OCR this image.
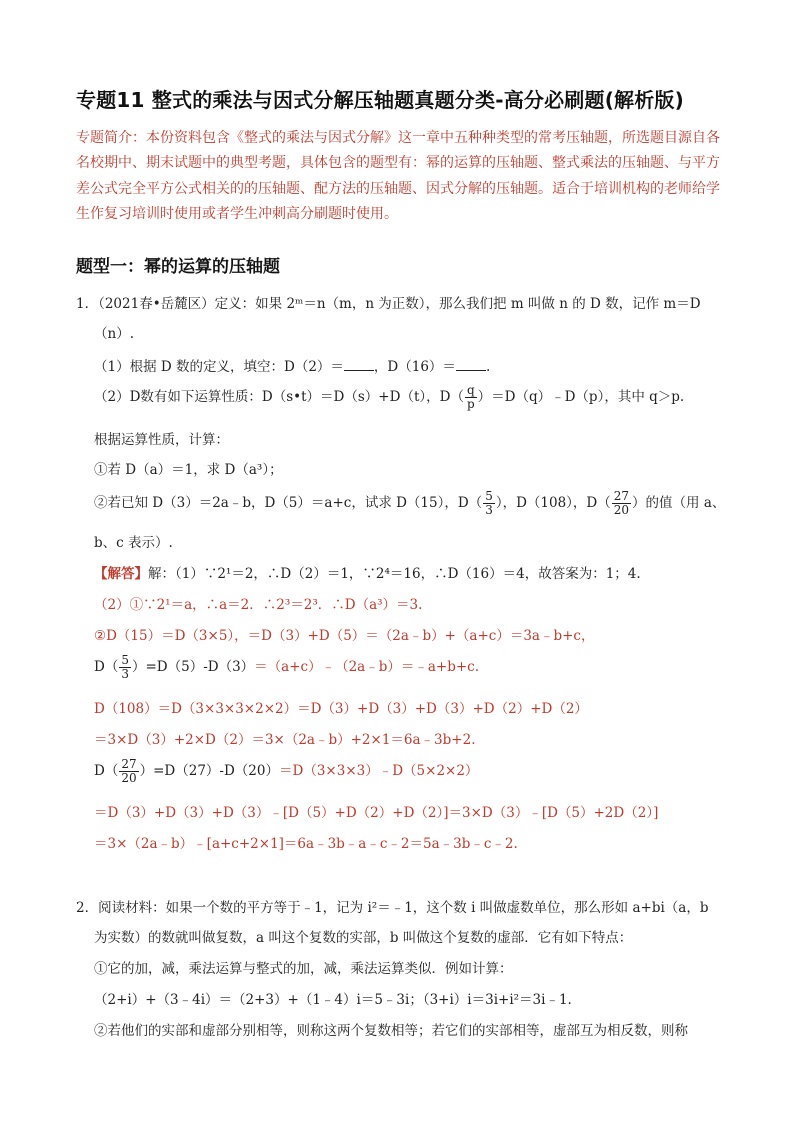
专题11 整式的乘法与因式分解压轴题真题分类-高分必刷题(解析版)
专题简介：本份资料包含《整式的乘法与因式分解》这一章中五种种类型的常考压轴题，所选题目源自各
名校期中、期末试题中的典型考题，具体包含的题型有：幂的运算的压轴题、整式乘法的压轴题、与平方
差公式完全平方公式相关的的压轴题、配方法的压轴题、因式分解的压轴题。适合于培训机构的老师给学
生作复习培训时使用或者学生冲刺高分刷题时使用。
题型一：幂的运算的压轴题
1．（2021春•岳麓区）定义：如果 2ᵐ＝n（m，n 为正数），那么我们把 m 叫做 n 的 D 数，记作 m＝D
（n）.
（1）根据 D 数的定义，填空：D（2）＝ ，D（16）＝ .
（2）D数有如下运算性质：D（s•t）＝D（s）+D（t），$D( \frac{q}{p}$ ）＝D（q）﹣D（p），其中 q＞p.
根据运算性质，计算：
①若 D（a）＝1，求 D（a³）；
②若已知 D（3）＝2a﹣b，D（5）＝a+c，试求 D（15），$D( \frac{5}{3}$ ），D（108），$D( \frac{27}{20}$ ）的值（用 a、
b、c 表示）.
【解答】解：（1）∵2¹＝2，∴D（2）＝1，∵2⁴＝16，∴D（16）＝4，故答案为：1；4.
（2）①∵2¹＝a，∴a＝2．∴2³＝2³．∴D（a³）＝3.
②D（15）＝D（3×5），＝D（3）+D（5）＝（2a﹣b）+（a+c）＝3a﹣b+c，
$D( \frac{5}{3}$ ）=D（5）-D（3）＝（a+c）﹣（2a﹣b）＝﹣a+b+c.
D（108）＝D（3×3×3×2×2）＝D（3）+D（3）+D（3）+D（2）+D（2）
＝3×D（3）+2×D（2）＝3×（2a﹣b）+2×1＝6a﹣3b+2.
$D( \frac{27}{20}$ ）=D（27）-D（20）＝D（3×3×3）﹣D（5×2×2）
＝D（3）+D（3）+D（3）﹣[D（5）+D（2）+D（2）]＝3×D（3）﹣[D（5）+2D（2）]
＝3×（2a﹣b）﹣[a+c+2×1]＝6a﹣3b﹣a﹣c﹣2＝5a﹣3b﹣c﹣2.
2．阅读材料：如果一个数的平方等于﹣1，记为 i²＝﹣1，这个数 i 叫做虚数单位，那么形如 a+bi（a，b
为实数）的数就叫做复数，a 叫这个复数的实部，b 叫做这个复数的虚部．它有如下特点：
①它的加，减，乘法运算与整式的加，减，乘法运算类似．例如计算：
（2+i）+（3﹣4i）＝（2+3）+（1﹣4）i＝5﹣3i；（3+i）i＝3i+i²＝3i﹣1.
②若他们的实部和虚部分别相等，则称这两个复数相等；若它们的实部相等，虚部互为相反数，则称
